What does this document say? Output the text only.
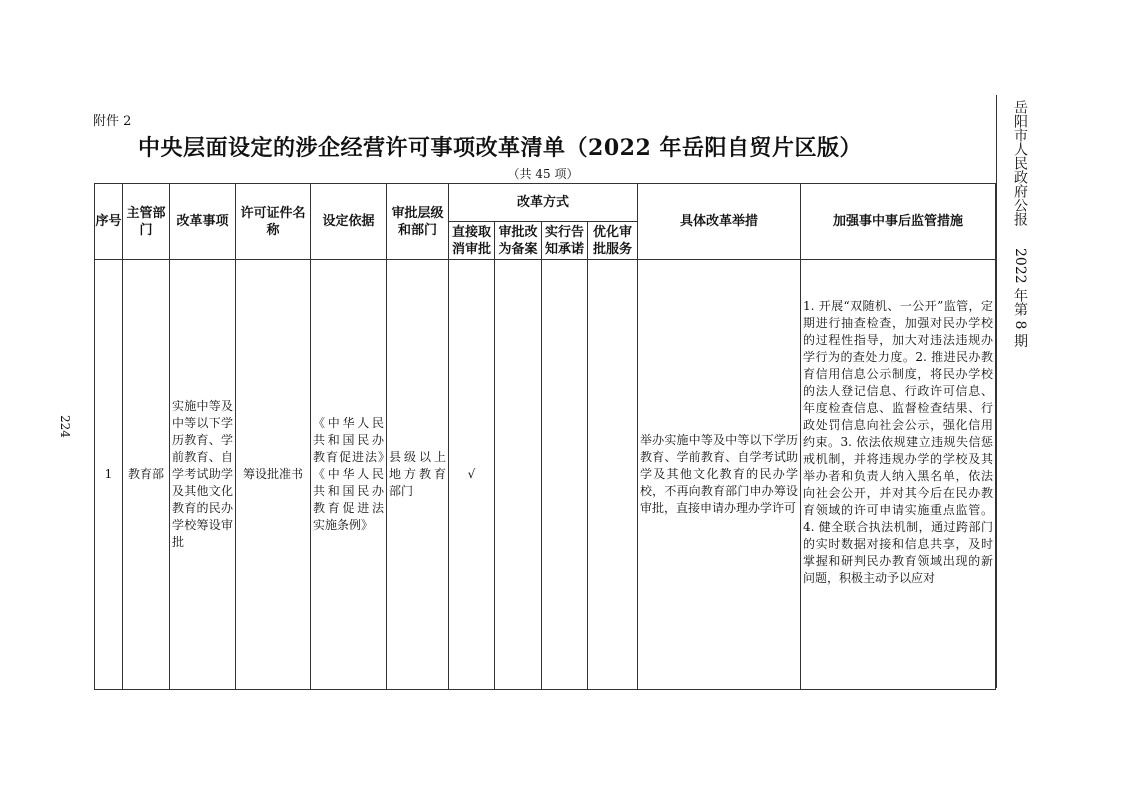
附件 2
中央层面设定的涉企经营许可事项改革清单（2022 年岳阳自贸片区版）
（共 45 项）
224
岳阳市人民政府公报2022 年第 8 期
序号	主管部门	改革事项	许可证件名称	设定依据	审批层级和部门	改革方式				具体改革举措	加强事中事后监管措施
						直接取消审批	审批改为备案	实行告知承诺	优化审批服务		
1	教育部	实施中等及中等以下学历教育、学前教育、自学考试助学及其他文化教育的民办学校筹设审批	筹设批准书	《中华人民共和国民办教育促进法》《中华人民共和国民办教育促进法实施条例》	县级以上地方教育部门	√				举办实施中等及中等以下学历教育、学前教育、自学考试助学及其他文化教育的民办学校，不再向教育部门申办筹设审批，直接申请办理办学许可	1. 开展“双随机、一公开”监管，定期进行抽查检查，加强对民办学校的过程性指导，加大对违法违规办学行为的查处力度。2. 推进民办教育信用信息公示制度，将民办学校的法人登记信息、行政许可信息、年度检查信息、监督检查结果、行政处罚信息向社会公示，强化信用约束。3. 依法依规建立违规失信惩戒机制，并将违规办学的学校及其举办者和负责人纳入黑名单，依法向社会公开，并对其今后在民办教育领域的许可申请实施重点监管。4. 健全联合执法机制，通过跨部门的实时数据对接和信息共享，及时掌握和研判民办教育领域出现的新问题，积极主动予以应对
